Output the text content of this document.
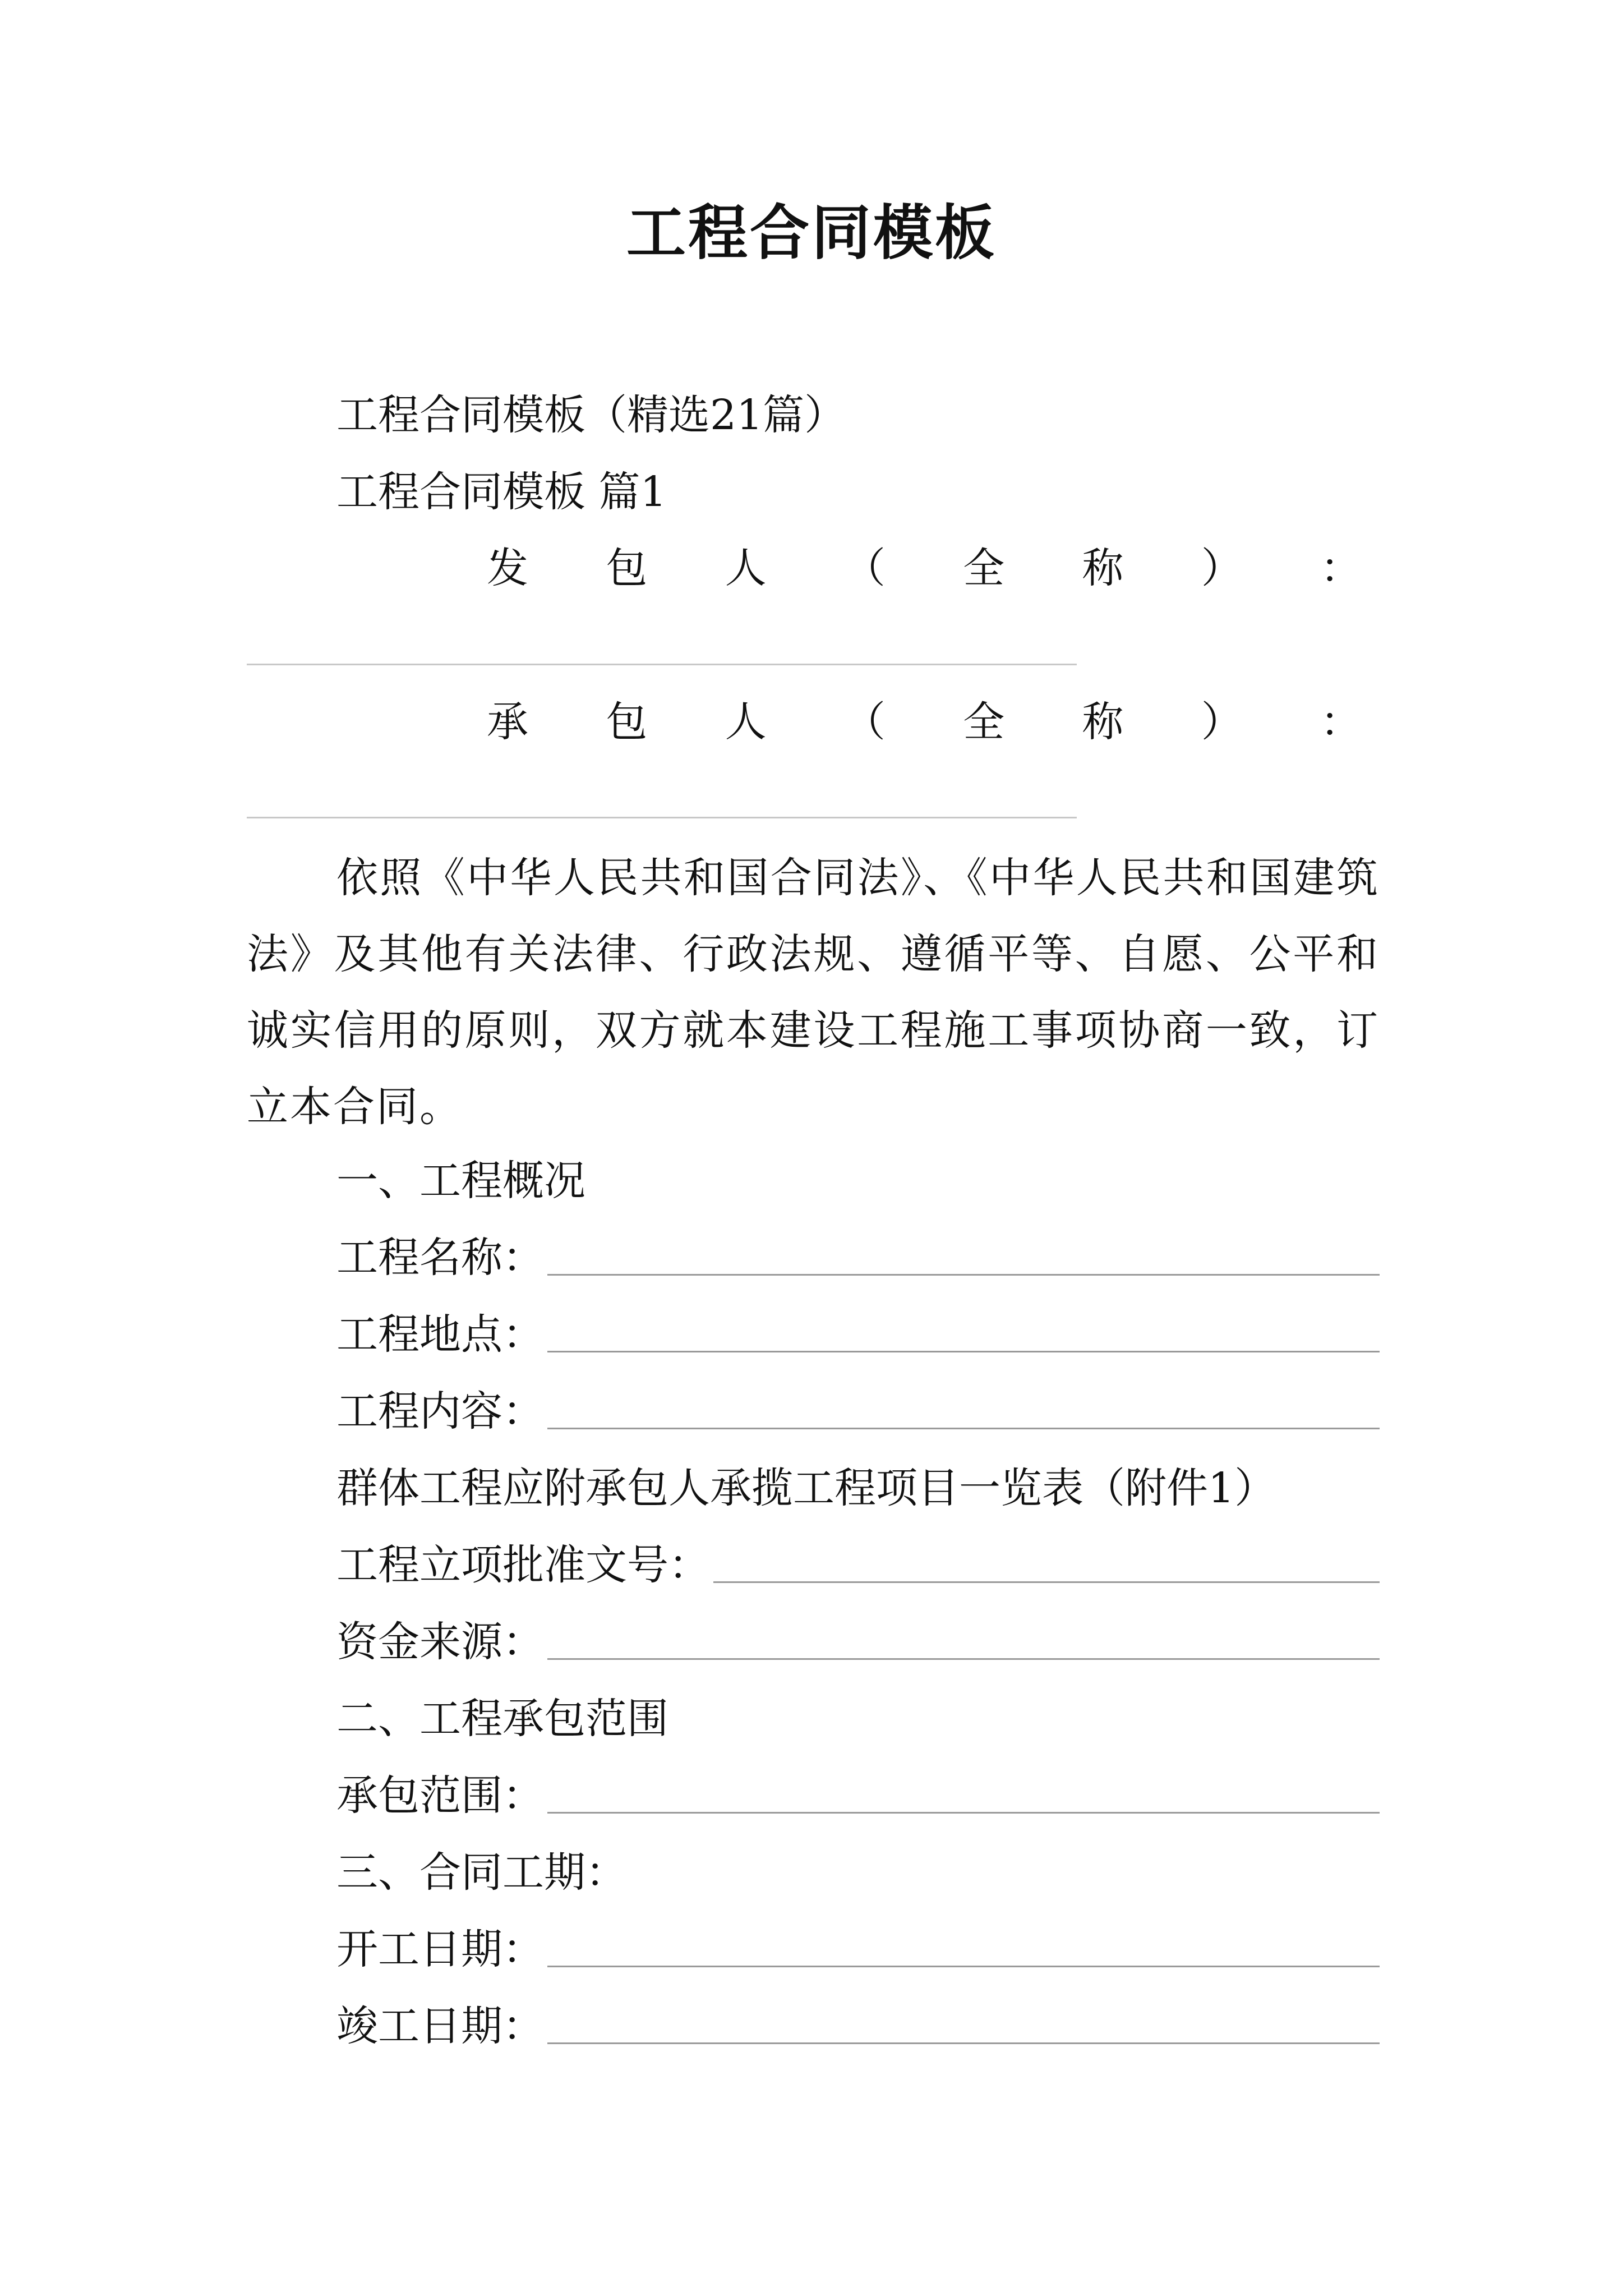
工程合同模板
工程合同模板（精选21篇）
工程合同模板 篇1
发 包 人 （ 全 称 ） ：
承 包 人 （ 全 称 ） ：
依照《中华人民共和国合同法》、《中华人民共和国建筑法》及其他有关法律、行政法规、遵循平等、自愿、公平和诚实信用的原则，双方就本建设工程施工事项协商一致，订立本合同。
一、工程概况
工程名称：
工程地点：
工程内容：
群体工程应附承包人承揽工程项目一览表（附件1）
工程立项批准文号：
资金来源：
二、工程承包范围
承包范围：
三、合同工期：
开工日期：
竣工日期：
